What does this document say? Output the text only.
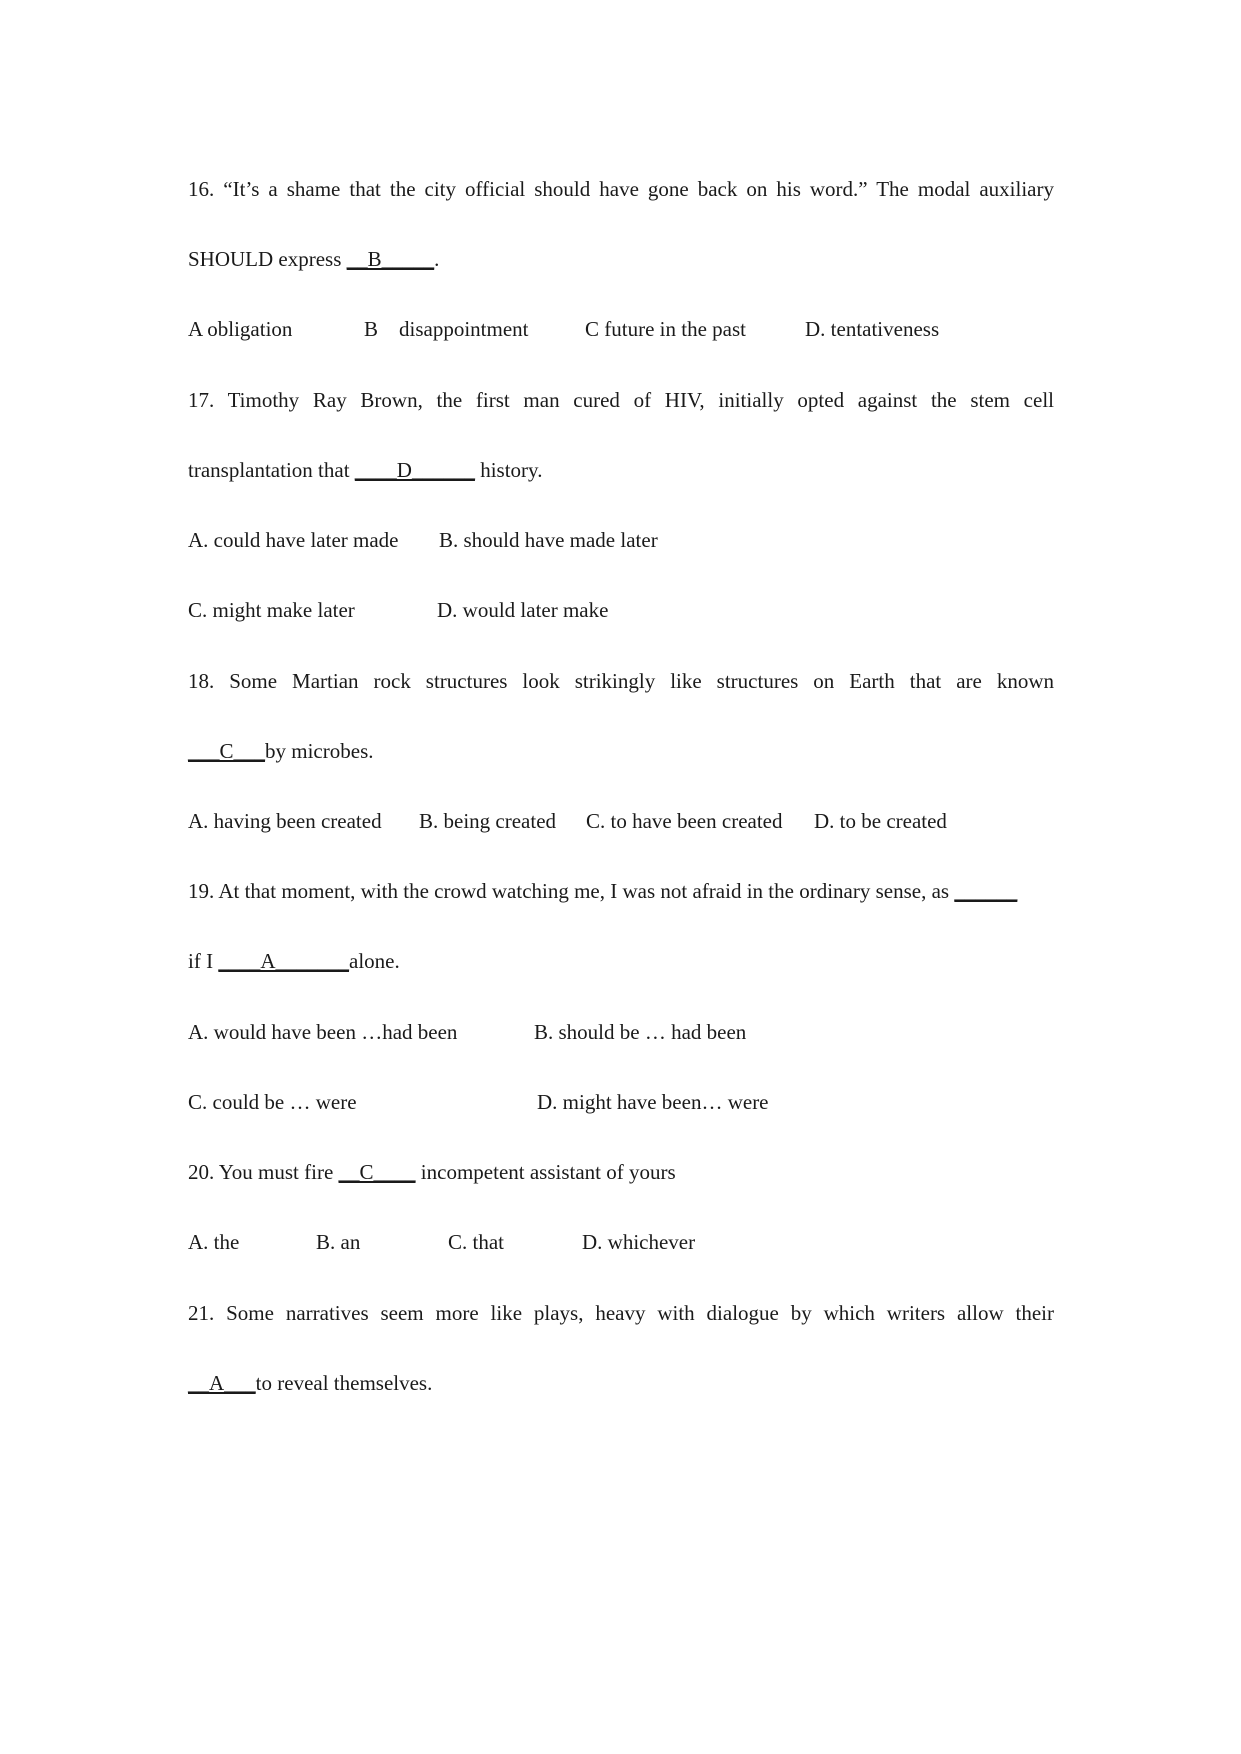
16. “It’s a shame that the city official should have gone back on his word.” The modal auxiliary
SHOULD express __B_____.
A obligation	B    disappointment	C future in the past	D. tentativeness
17. Timothy Ray Brown, the first man cured of HIV, initially opted against the stem cell
transplantation that ____D______ history.
A. could have later made B. should have made later
C. might make later	D. would later make
18. Some Martian rock structures look strikingly like structures on Earth that are known
___C___by microbes.
A. having been created B. being created C. to have been created D. to be created
19. At that moment, with the crowd watching me, I was not afraid in the ordinary sense, as ______
if I ____A_______alone.
A. would have been …had been	B. should be … had been
C. could be … were	D. might have been… were
20. You must fire __C____ incompetent assistant of yours
A. the	B. an	C. that	D. whichever
21. Some narratives seem more like plays, heavy with dialogue by which writers allow their
__A___to reveal themselves.
